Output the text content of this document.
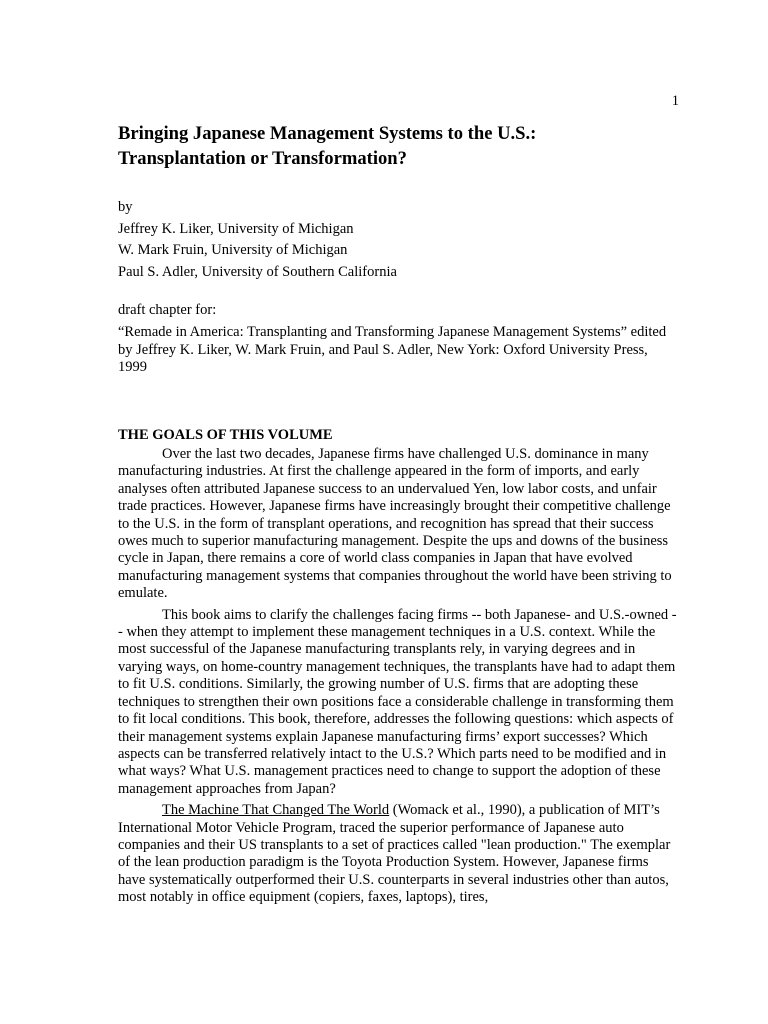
1
Bringing Japanese Management Systems to the U.S.:
Transplantation or Transformation?
by
Jeffrey K. Liker, University of Michigan
W. Mark Fruin, University of Michigan
Paul S. Adler, University of Southern California
draft chapter for:
“Remade in America: Transplanting and Transforming Japanese Management Systems” edited by Jeffrey K. Liker, W. Mark Fruin, and Paul S. Adler, New York: Oxford University Press, 1999
THE GOALS OF THIS VOLUME

Over the last two decades, Japanese firms have challenged U.S. dominance in many manufacturing industries. At first the challenge appeared in the form of imports, and early analyses often attributed Japanese success to an undervalued Yen, low labor costs, and unfair trade practices. However, Japanese firms have increasingly brought their competitive challenge to the U.S. in the form of transplant operations, and recognition has spread that their success owes much to superior manufacturing management. Despite the ups and downs of the business cycle in Japan, there remains a core of world class companies in Japan that have evolved manufacturing management systems that companies throughout the world have been striving to emulate.

This book aims to clarify the challenges facing firms -- both Japanese- and U.S.-owned -- when they attempt to implement these management techniques in a U.S. context. While the most successful of the Japanese manufacturing transplants rely, in varying degrees and in varying ways, on home-country management techniques, the transplants have had to adapt them to fit U.S. conditions. Similarly, the growing number of U.S. firms that are adopting these techniques to strengthen their own positions face a considerable challenge in transforming them to fit local conditions. This book, therefore, addresses the following questions: which aspects of their management systems explain Japanese manufacturing firms’ export successes? Which aspects can be transferred relatively intact to the U.S.? Which parts need to be modified and in what ways? What U.S. management practices need to change to support the adoption of these management approaches from Japan?

The Machine That Changed The World (Womack et al., 1990), a publication of MIT’s International Motor Vehicle Program, traced the superior performance of Japanese auto companies and their US transplants to a set of practices called "lean production." The exemplar of the lean production paradigm is the Toyota Production System. However, Japanese firms have systematically outperformed their U.S. counterparts in several industries other than autos, most notably in office equipment (copiers, faxes, laptops), tires,
